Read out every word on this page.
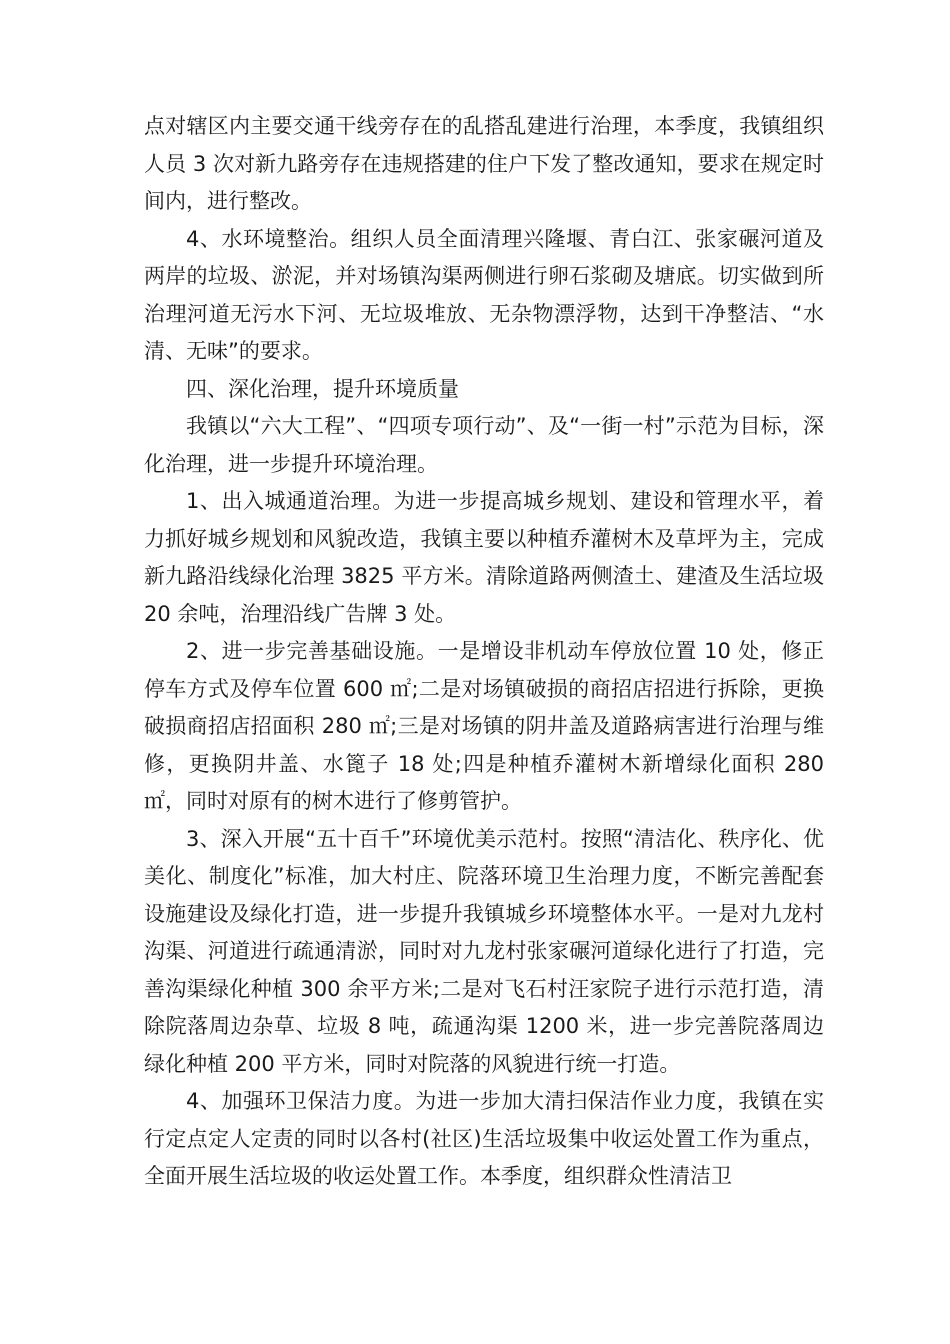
点对辖区内主要交通干线旁存在的乱搭乱建进行治理，本季度，我镇组织人员 3 次对新九路旁存在违规搭建的住户下发了整改通知，要求在规定时间内，进行整改。

4、水环境整治。组织人员全面清理兴隆堰、青白江、张家碾河道及两岸的垃圾、淤泥，并对场镇沟渠两侧进行卵石浆砌及塘底。切实做到所治理河道无污水下河、无垃圾堆放、无杂物漂浮物，达到干净整洁、“水清、无味”的要求。

四、深化治理，提升环境质量

我镇以“六大工程”、“四项专项行动”、及“一街一村”示范为目标，深化治理，进一步提升环境治理。

1、出入城通道治理。为进一步提高城乡规划、建设和管理水平，着力抓好城乡规划和风貌改造，我镇主要以种植乔灌树木及草坪为主，完成新九路沿线绿化治理 3825 平方米。清除道路两侧渣土、建渣及生活垃圾 20 余吨，治理沿线广告牌 3 处。

2、进一步完善基础设施。一是增设非机动车停放位置 10 处，修正停车方式及停车位置 600 ㎡;二是对场镇破损的商招店招进行拆除，更换破损商招店招面积 280 ㎡;三是对场镇的阴井盖及道路病害进行治理与维修，更换阴井盖、水篦子 18 处;四是种植乔灌树木新增绿化面积 280 ㎡，同时对原有的树木进行了修剪管护。

3、深入开展“五十百千”环境优美示范村。按照“清洁化、秩序化、优美化、制度化”标准，加大村庄、院落环境卫生治理力度，不断完善配套设施建设及绿化打造，进一步提升我镇城乡环境整体水平。一是对九龙村沟渠、河道进行疏通清淤，同时对九龙村张家碾河道绿化进行了打造，完善沟渠绿化种植 300 余平方米;二是对飞石村汪家院子进行示范打造，清除院落周边杂草、垃圾 8 吨，疏通沟渠 1200 米，进一步完善院落周边绿化种植 200 平方米，同时对院落的风貌进行统一打造。

4、加强环卫保洁力度。为进一步加大清扫保洁作业力度，我镇在实行定点定人定责的同时以各村(社区)生活垃圾集中收运处置工作为重点，全面开展生活垃圾的收运处置工作。本季度，组织群众性清洁卫
